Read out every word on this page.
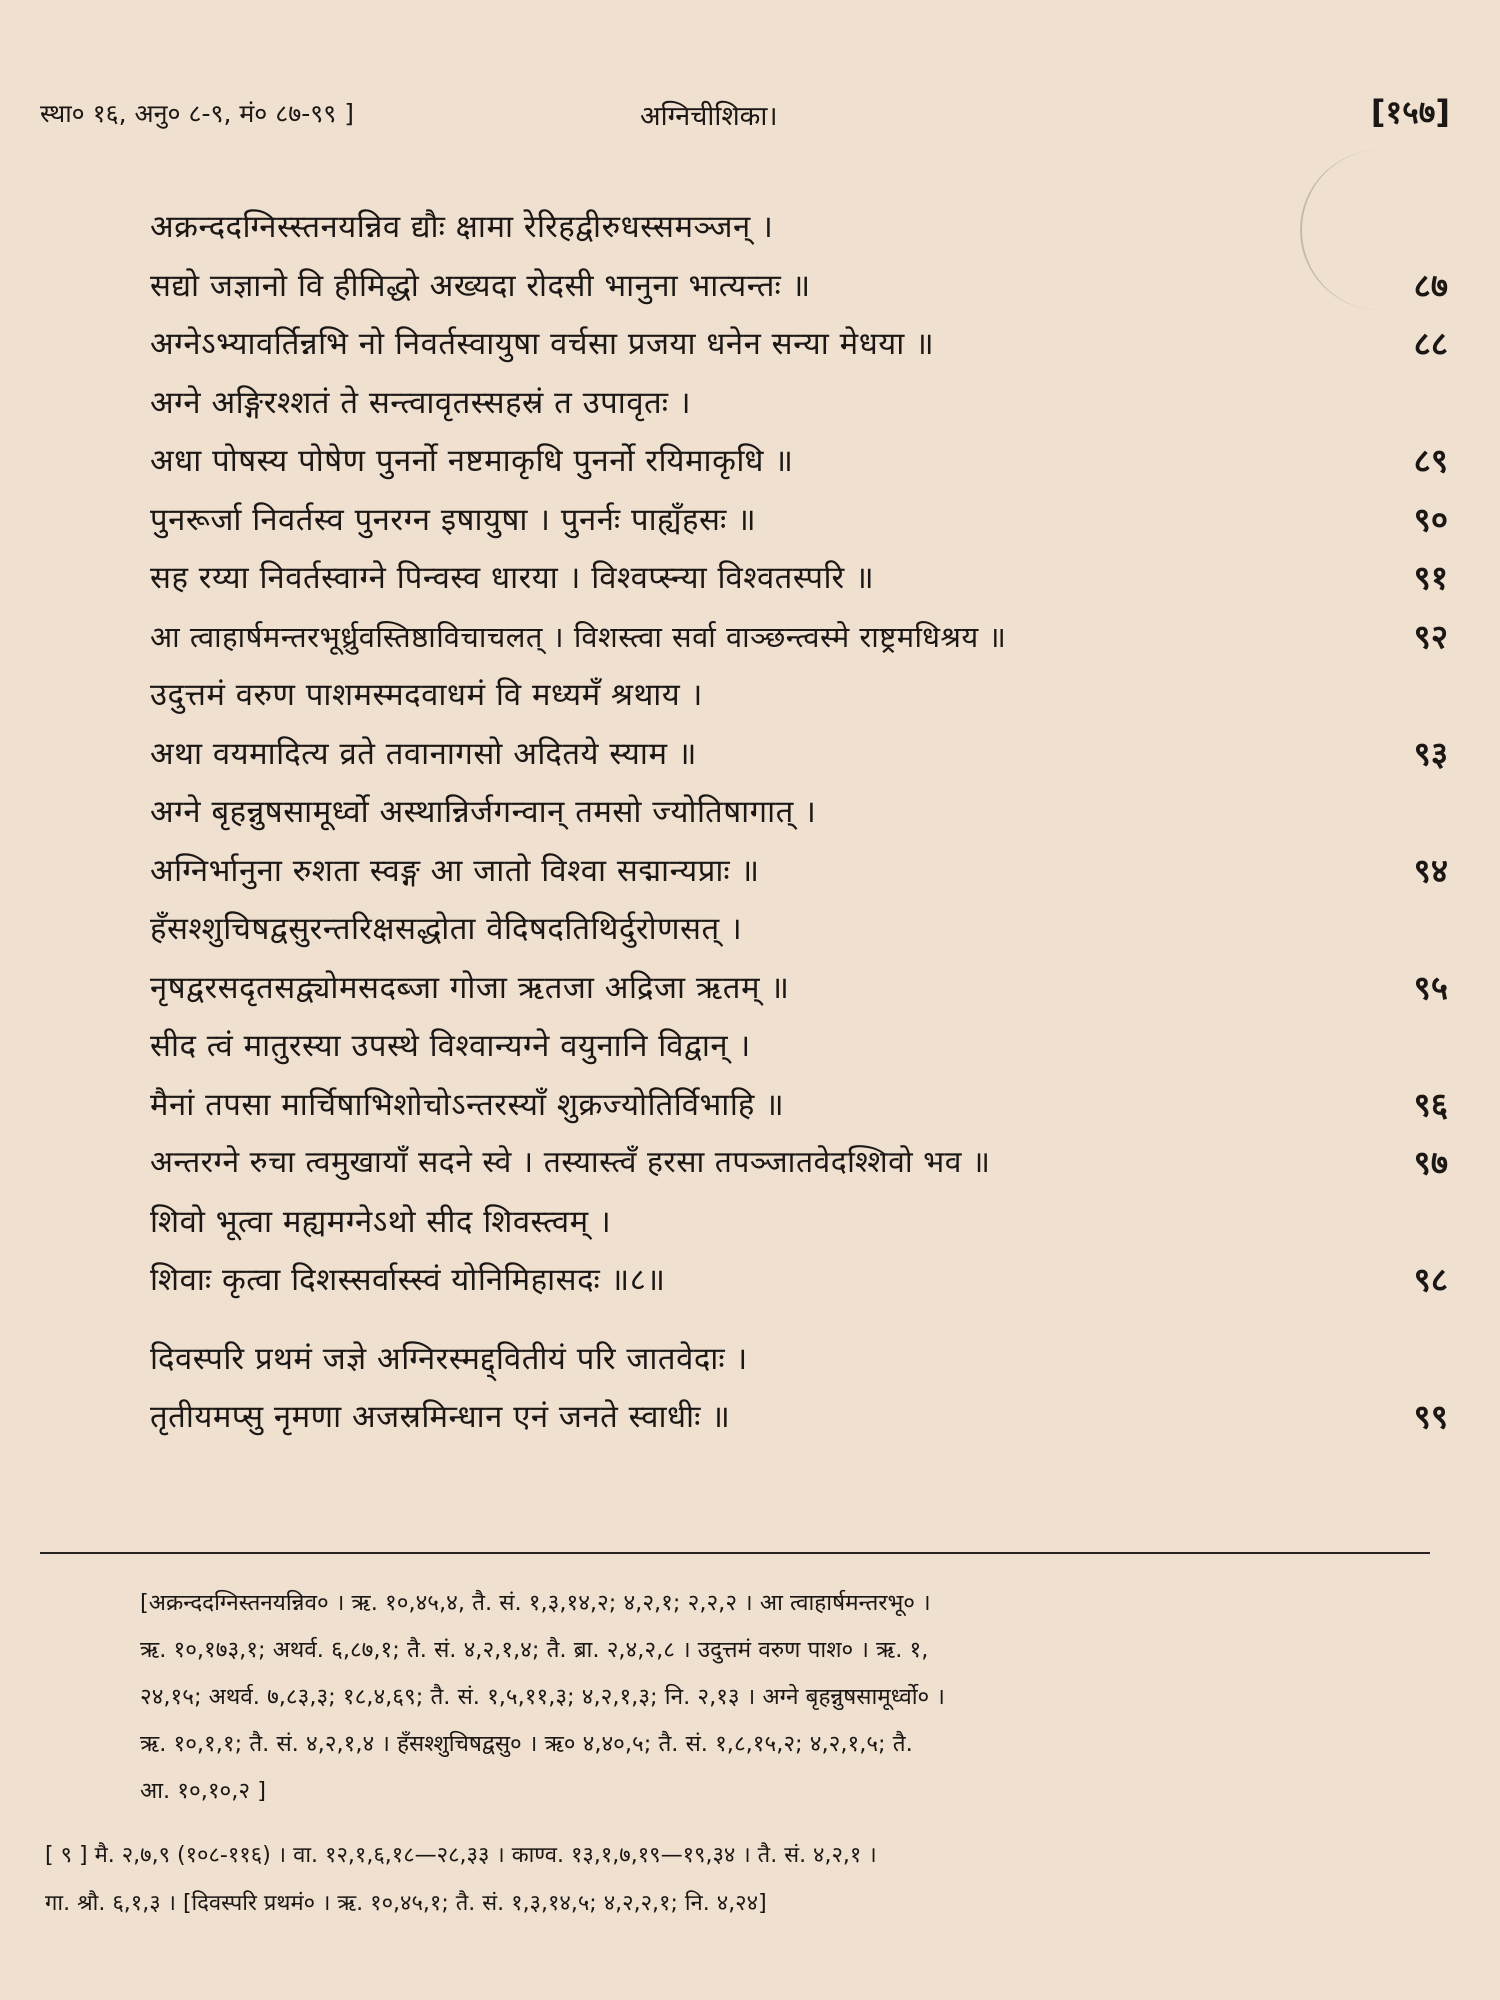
स्था० १६, अनु० ८-९, मं० ८७-९९ ]	अग्निचीशिका।	[१५७]
अक्रन्ददग्निस्स्तनयन्निव द्यौः क्षामा रेरिहद्वीरुधस्समञ्जन् ।
सद्यो जज्ञानो वि हीमिद्धो अख्यदा रोदसी भानुना भात्यन्तः ॥	८७
अग्नेऽभ्यावर्तिन्नभि नो निवर्तस्वायुषा वर्चसा प्रजया धनेन सन्या मेधया ॥	८८
अग्ने अङ्गिरश्शतं ते सन्त्वावृतस्सहस्रं त उपावृतः ।
अधा पोषस्य पोषेण पुनर्नो नष्टमाकृधि पुनर्नो रयिमाकृधि ॥	८९
पुनरूर्जा निवर्तस्व पुनरग्न इषायुषा । पुनर्नः पाह्यँहसः ॥	९०
सह रय्या निवर्तस्वाग्ने पिन्वस्व धारया । विश्वप्स्न्या विश्वतस्परि ॥	९१
आ त्वाहार्षमन्तरभूर्ध्रुवस्तिष्ठाविचाचलत् । विशस्त्वा सर्वा वाञ्छन्त्वस्मे राष्ट्रमधिश्रय ॥	९२
उदुत्तमं वरुण पाशमस्मदवाधमं वि मध्यमँ श्रथाय ।
अथा वयमादित्य व्रते तवानागसो अदितये स्याम ॥	९३
अग्ने बृहन्नुषसामूर्ध्वो अस्थान्निर्जगन्वान् तमसो ज्योतिषागात् ।
अग्निर्भानुना रुशता स्वङ्ग आ जातो विश्वा सद्मान्यप्राः ॥	९४
हँसश्शुचिषद्वसुरन्तरिक्षसद्धोता वेदिषदतिथिर्दुरोणसत् ।
नृषद्वरसदृतसद्व्योमसदब्जा गोजा ऋतजा अद्रिजा ऋतम् ॥	९५
सीद त्वं मातुरस्या उपस्थे विश्वान्यग्ने वयुनानि विद्वान् ।
मैनां तपसा मार्चिषाभिशोचोऽन्तरस्याँ शुक्रज्योतिर्विभाहि ॥	९६
अन्तरग्ने रुचा त्वमुखायाँ सदने स्वे । तस्यास्त्वँ हरसा तपञ्जातवेदश्शिवो भव ॥	९७
शिवो भूत्वा मह्यमग्नेऽथो सीद शिवस्त्वम् ।
शिवाः कृत्वा दिशस्सर्वास्स्वं योनिमिहासदः ॥८॥	९८
दिवस्परि प्रथमं जज्ञे अग्निरस्मद्द्वितीयं परि जातवेदाः ।
तृतीयमप्सु नृमणा अजस्रमिन्धान एनं जनते स्वाधीः ॥	९९
[अक्रन्ददग्निस्तनयन्निव० । ऋ. १०,४५,४, तै. सं. १,३,१४,२; ४,२,१; २,२,२ । आ त्वाहार्षमन्तरभू० ।
ऋ. १०,१७३,१; अथर्व. ६,८७,१; तै. सं. ४,२,१,४; तै. ब्रा. २,४,२,८ । उदुत्तमं वरुण पाश० । ऋ. १,
२४,१५; अथर्व. ७,८३,३; १८,४,६९; तै. सं. १,५,११,३; ४,२,१,३; नि. २,१३ । अग्ने बृहन्नुषसामूर्ध्वो० ।
ऋ. १०,१,१; तै. सं. ४,२,१,४ । हँसश्शुचिषद्वसु० । ऋ० ४,४०,५; तै. सं. १,८,१५,२; ४,२,१,५; तै.
आ. १०,१०,२ ]
[ ९ ] मै. २,७,९ (१०८-११६) । वा. १२,१,६,१८—२८,३३ । काण्व. १३,१,७,१९—१९,३४ । तै. सं. ४,२,१ ।
गा. श्रौ. ६,१,३ । [दिवस्परि प्रथमं० । ऋ. १०,४५,१; तै. सं. १,३,१४,५; ४,२,२,१; नि. ४,२४]
